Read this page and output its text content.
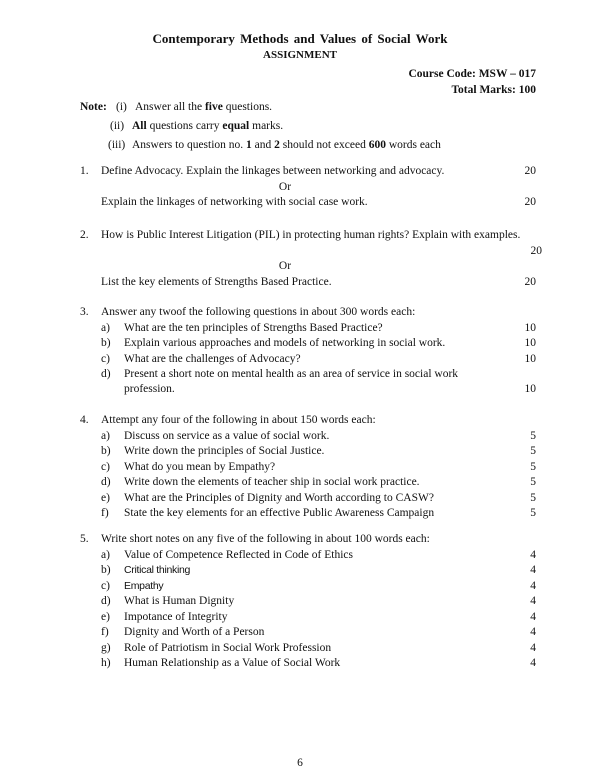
Contemporary Methods and Values of Social Work
ASSIGNMENT
Course Code: MSW – 017
Total Marks: 100
Note: (i) Answer all the five questions.
(ii) All questions carry equal marks.
(iii) Answers to question no. 1 and 2 should not exceed 600 words each
1. Define Advocacy. Explain the linkages between networking and advocacy.	20
Or
Explain the linkages of networking with social case work.	20
2. How is Public Interest Litigation (PIL) in protecting human rights? Explain with examples.
20
Or
List the key elements of Strengths Based Practice.	20
3. Answer any twoof the following questions in about 300 words each:
a) What are the ten principles of Strengths Based Practice?	10
b) Explain various approaches and models of networking in social work.	10
c) What are the challenges of Advocacy?	10
d) Present a short note on mental health as an area of service in social work profession.	10
4. Attempt any four of the following in about 150 words each:
a) Discuss on service as a value of social work.	5
b) Write down the principles of Social Justice.	5
c) What do you mean by Empathy?	5
d) Write down the elements of teacher ship in social work practice.	5
e) What are the Principles of Dignity and Worth according to CASW?	5
f) State the key elements for an effective Public Awareness Campaign	5
5. Write short notes on any five of the following in about 100 words each:
a) Value of Competence Reflected in Code of Ethics	4
b) Critical thinking	4
c) Empathy	4
d) What is Human Dignity	4
e) Impotance of Integrity	4
f) Dignity and Worth of a Person	4
g) Role of Patriotism in Social Work Profession	4
h) Human Relationship as a Value of Social Work	4
6
